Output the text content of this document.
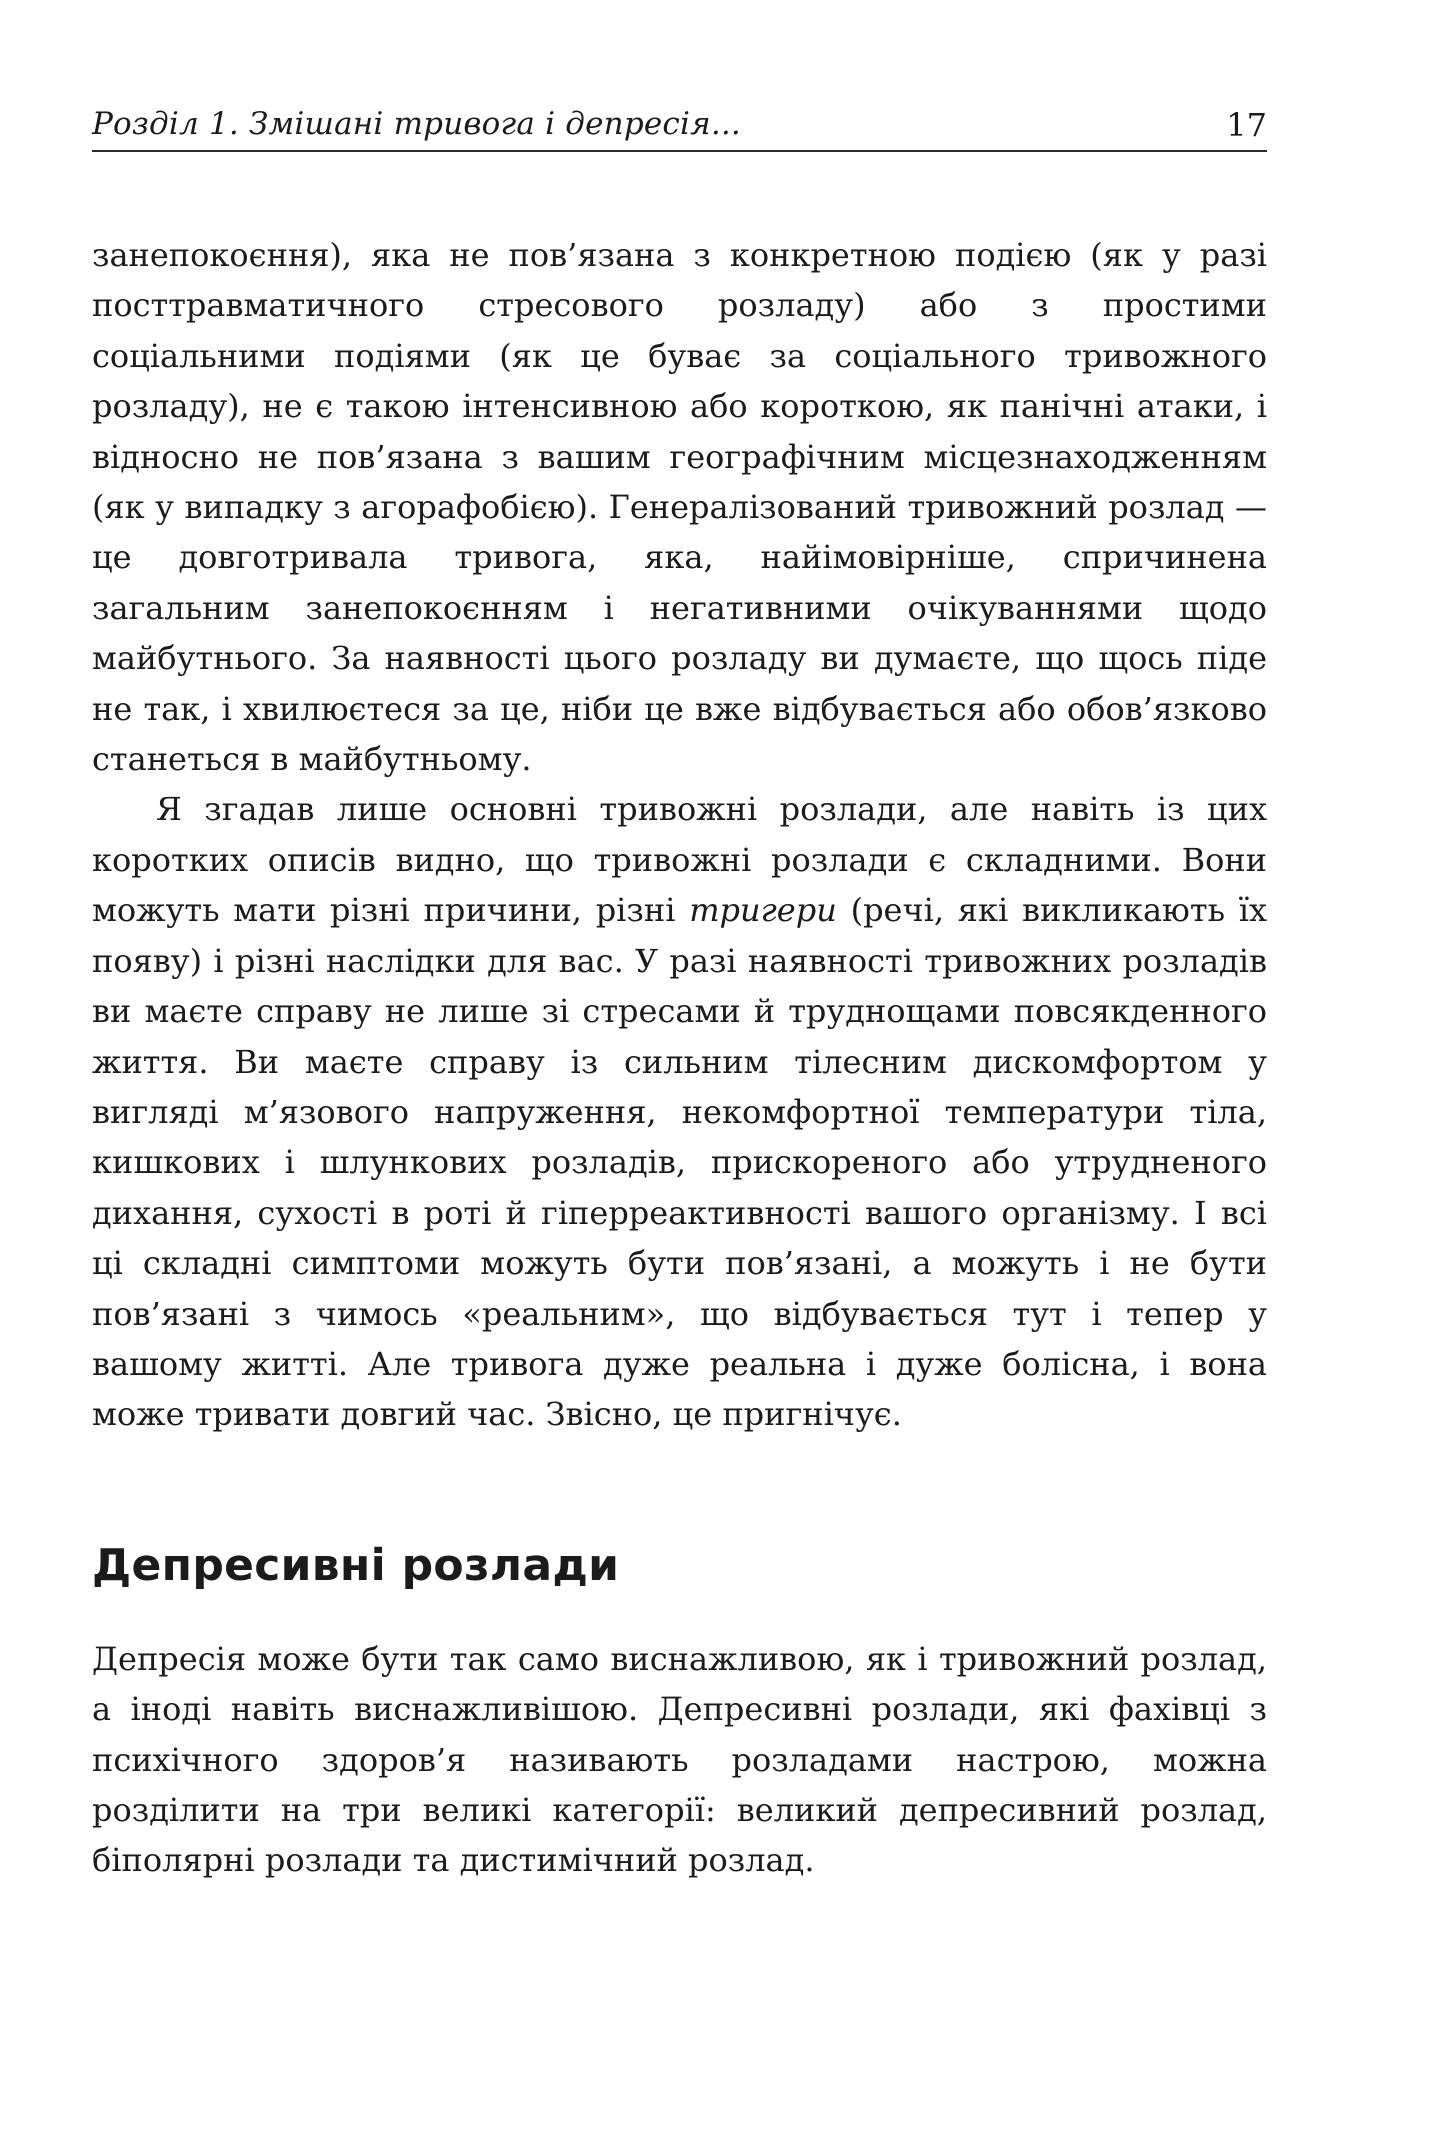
Розділ 1. Змішані тривога і депресія...	17

занепокоєння), яка не пов’язана з конкретною подією (як у разі посттравматичного стресового розладу) або з простими соціальними подіями (як це буває за соціального тривожного розладу), не є такою інтенсивною або короткою, як панічні атаки, і відносно не пов’язана з вашим географічним місцезнаходженням (як у випадку з агорафобією). Генералізований тривожний розлад — це довготривала тривога, яка, найімовірніше, спричинена загальним занепокоєнням і негативними очікуваннями щодо майбутнього. За наявності цього розладу ви думаєте, що щось піде не так, і хвилюєтеся за це, ніби це вже відбувається або обов’язково станеться в майбутньому.

Я згадав лише основні тривожні розлади, але навіть із цих коротких описів видно, що тривожні розлади є складними. Вони можуть мати різні причини, різні тригери (речі, які викликають їх появу) і різні наслідки для вас. У разі наявності тривожних розладів ви маєте справу не лише зі стресами й труднощами повсякденного життя. Ви маєте справу із сильним тілесним дискомфортом у вигляді м’язового напруження, некомфортної температури тіла, кишкових і шлункових розладів, прискореного або утрудненого дихання, сухості в роті й гіперреактивності вашого організму. І всі ці складні симптоми можуть бути пов’язані, а можуть і не бути пов’язані з чимось «реальним», що відбувається тут і тепер у вашому житті. Але тривога дуже реальна і дуже болісна, і вона може тривати довгий час. Звісно, це пригнічує.

Депресивні розлади

Депресія може бути так само виснажливою, як і тривожний розлад, а іноді навіть виснажливішою. Депресивні розлади, які фахівці з психічного здоров’я називають розладами настрою, можна розділити на три великі категорії: великий депресивний розлад, біполярні розлади та дистимічний розлад.
